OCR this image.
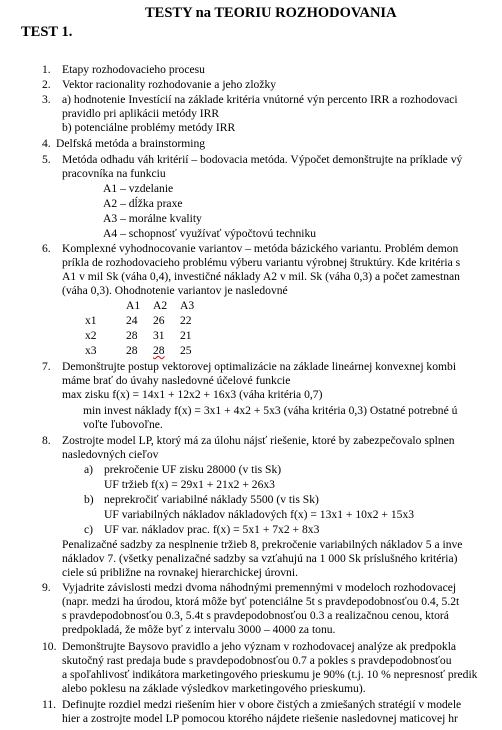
TESTY na TEORIU ROZHODOVANIA
TEST 1.
1. Etapy rozhodovacieho procesu
2. Vektor racionality rozhodovanie a jeho zložky
3. a) hodnotenie Investícií na základe kritéria vnútorné výn percento IRR a rozhodovaci
pravidlo pri aplikácii metódy IRR
b) potenciálne problémy metódy IRR
4. Delfská metóda a brainstorming
5. Metóda odhadu váh kritérií – bodovacia metóda. Výpočet demonštrujte na príklade vý
pracovníka na funkciu
A1 – vzdelanie
A2 – dĺžka praxe
A3 – morálne kvality
A4 – schopnosť využívať výpočtovú techniku
6. Komplexné vyhodnocovanie variantov – metóda bázického variantu. Problém demon
príkla de rozhodovacieho problému výberu variantu výrobnej štruktúry. Kde kritéria s
A1 v mil Sk (váha 0,4), investičné náklady A2 v mil. Sk (váha 0,3) a počet zamestnan
(váha 0,3). Ohodnotenie variantov je nasledovné
	A1	A2	A3
x1	24	26	22
x2	28	31	21
x3	28	28	25
7. Demonštrujte postup vektorovej optimalizácie na základe lineárnej konvexnej kombi
máme brať do úvahy nasledovné účelové funkcie
max zisku f(x) = 14x1 + 12x2 + 16x3 (váha kritéria 0,7)
min invest náklady f(x) = 3x1 + 4x2 + 5x3 (váha kritéria 0,3) Ostatné potrebné ú
voľte ľubovoľne.
8. Zostrojte model LP, ktorý má za úlohu nájsť riešenie, ktoré by zabezpečovalo splnen
nasledovných cieľov
a) prekročenie UF zisku 28000 (v tis Sk)
UF tržieb f(x) = 29x1 + 21x2 + 26x3
b) neprekročiť variabilné náklady 5500 (v tis Sk)
UF variabilných nákladov nákladových f(x) = 13x1 + 10x2 + 15x3
c) UF var. nákladov prac. f(x) = 5x1 + 7x2 + 8x3
Penalizačné sadzby za nesplnenie tržieb 8, prekročenie variabilných nákladov 5 a inve
nákladov 7. (všetky penalizačné sadzby sa vzťahujú na 1 000 Sk príslušného kritéria)
ciele sú približne na rovnakej hierarchickej úrovni.
9. Vyjadrite závislosti medzi dvoma náhodnými premennými v modeloch rozhodovacej
(napr. medzi ha úrodou, ktorá môže byť potenciálne 5t s pravdepodobnosťou 0.4, 5.2t
s pravdepodobnosťou 0.3, 5.4t s pravdepodobnosťou 0.3 a realizačnou cenou, ktorá
predpokladá, že môže byť z intervalu 3000 – 4000 za tonu.
10. Demonštrujte Baysovo pravidlo a jeho význam v rozhodovacej analýze ak predpokla
skutočný rast predaja bude s pravdepodobnosťou 0.7 a pokles s pravdepodobnosťou
a spoľahlivosť indikátora marketingového prieskumu je 90% (t.j. 10 % nepresnosť predik
alebo poklesu na základe výsledkov marketingového prieskumu).
11. Definujte rozdiel medzi riešením hier v obore čistých a zmiešaných stratégií v modele
hier a zostrojte model LP pomocou ktorého nájdete riešenie nasledovnej maticovej hr
